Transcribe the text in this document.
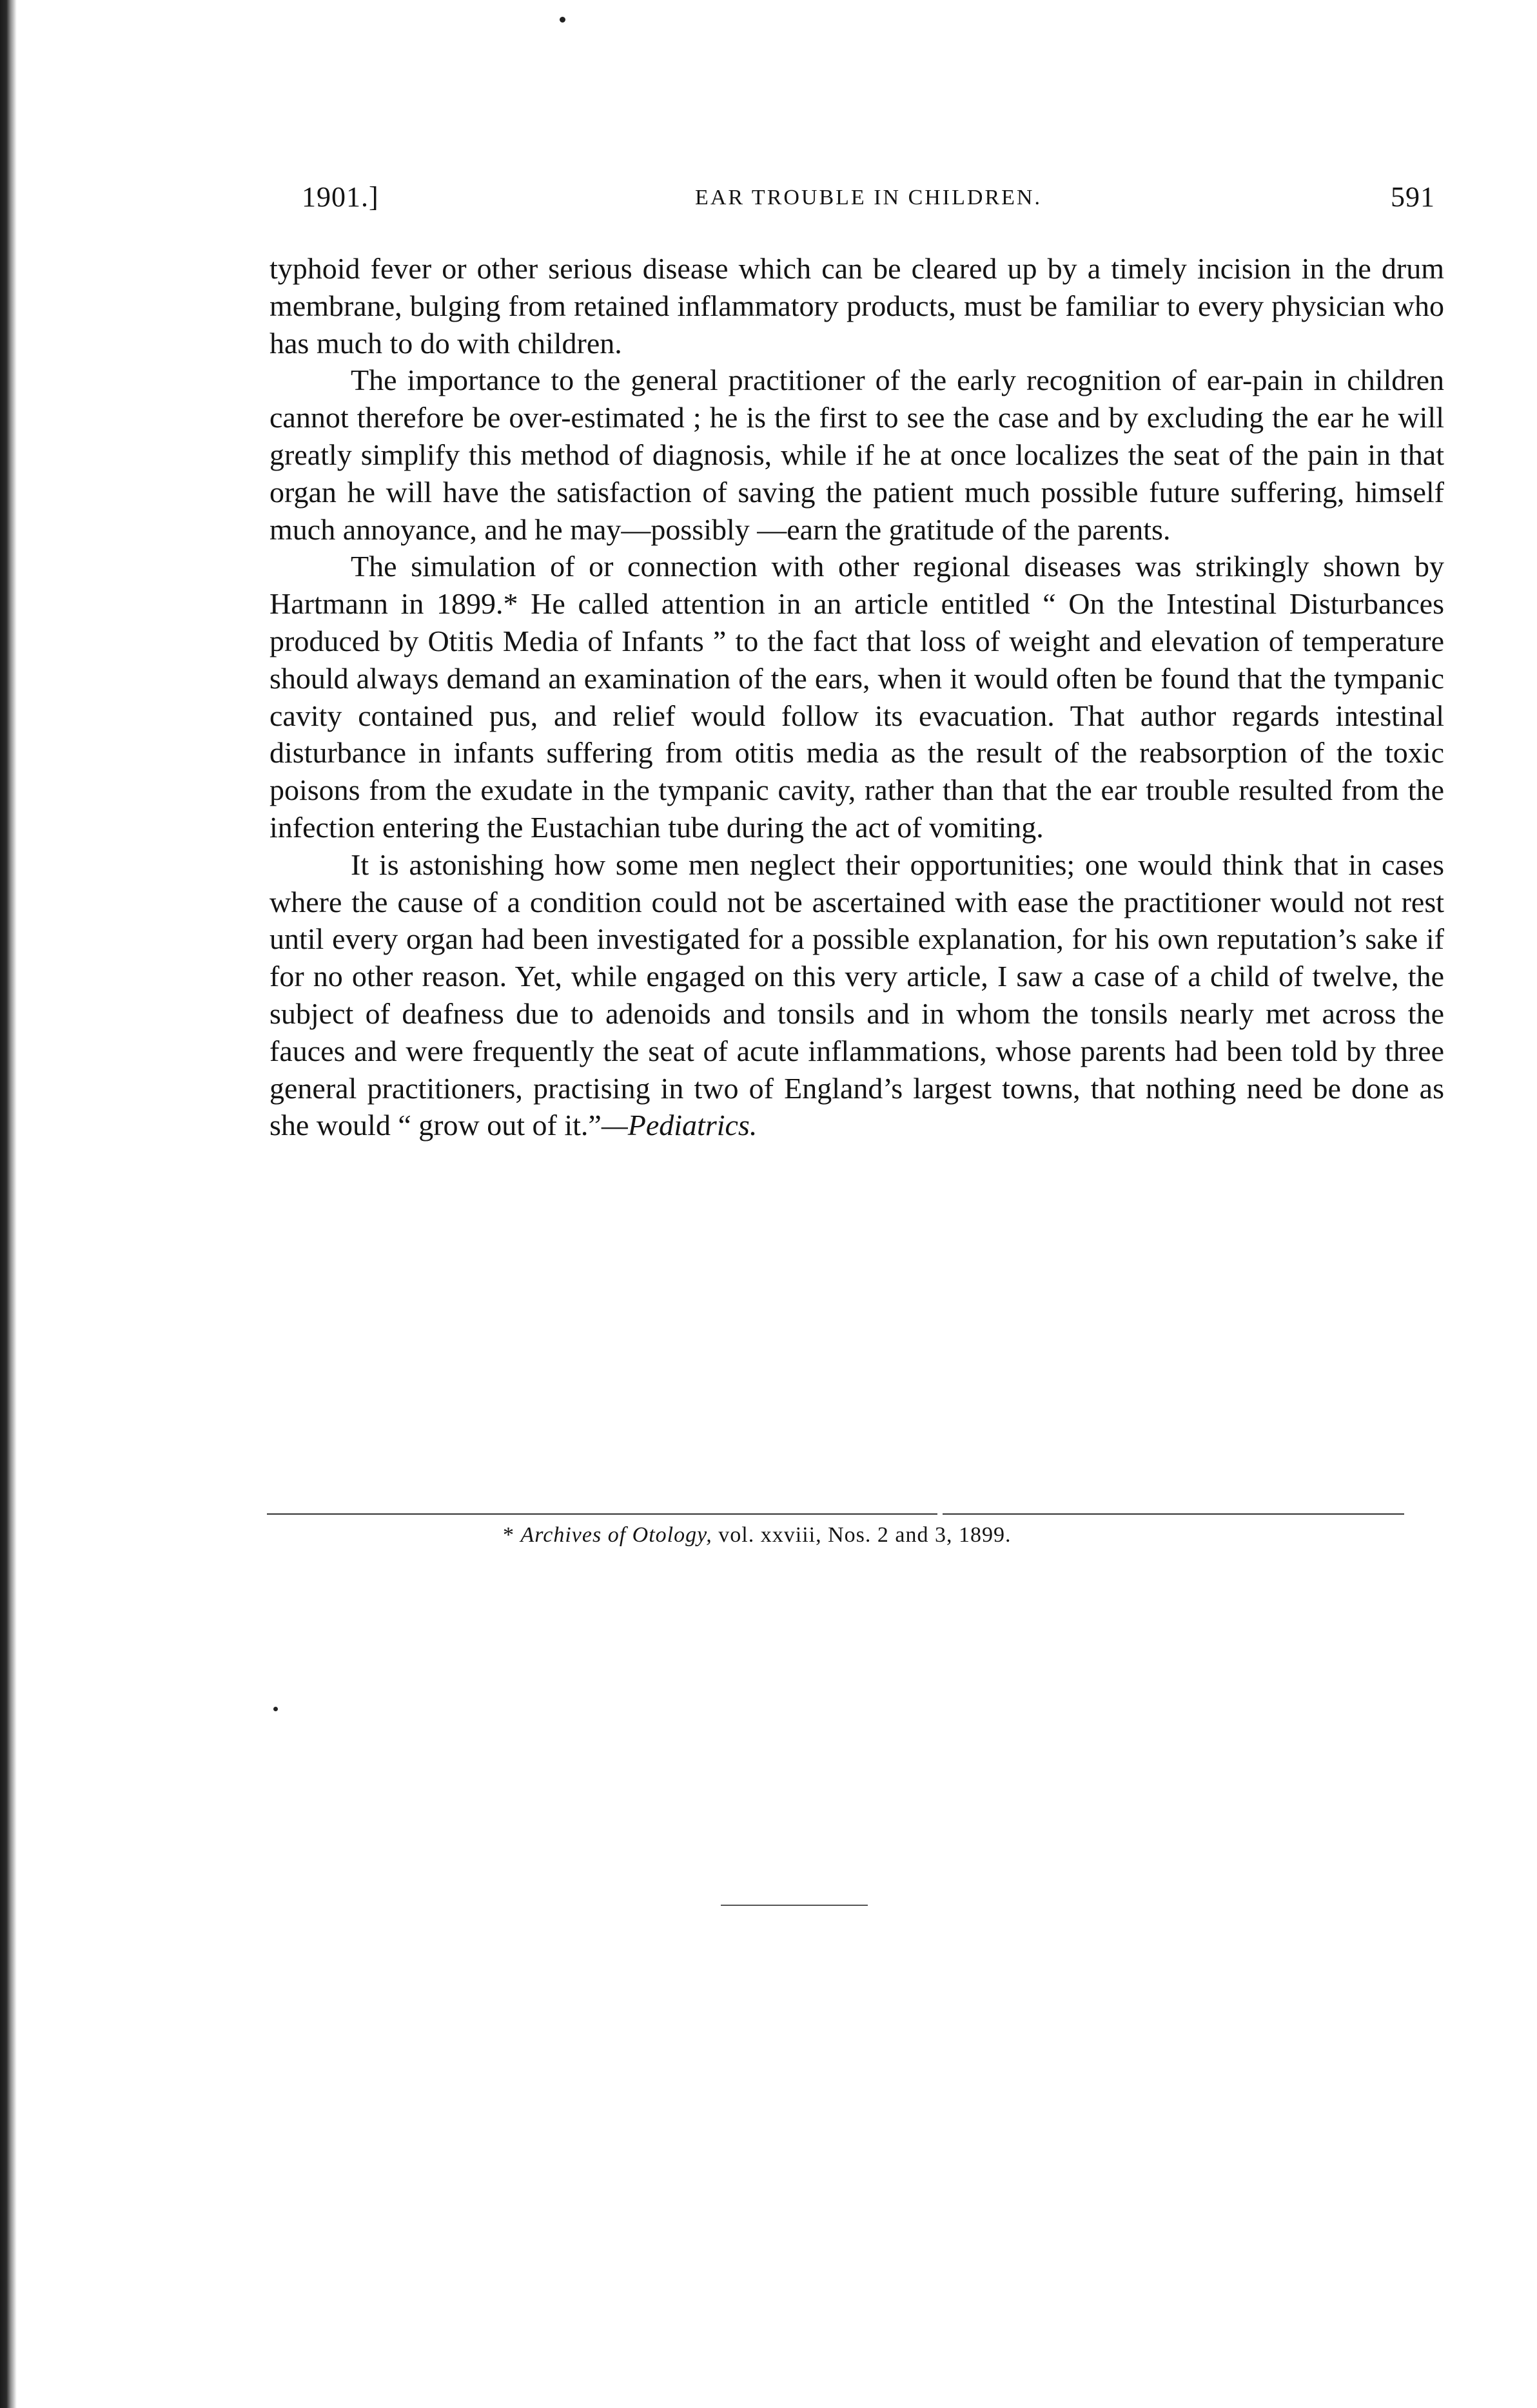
1901.]	EAR TROUBLE IN CHILDREN.	591

typhoid fever or other serious disease which can be cleared up by a timely incision in the drum membrane, bulging from retained inflammatory products, must be familiar to every physician who has much to do with children.

The importance to the general practitioner of the early recognition of ear-pain in children cannot therefore be over-estimated ; he is the first to see the case and by excluding the ear he will greatly simplify this method of diagnosis, while if he at once localizes the seat of the pain in that organ he will have the satisfaction of saving the patient much possible future suffering, himself much annoyance, and he may—possibly —earn the gratitude of the parents.

The simulation of or connection with other regional diseases was strikingly shown by Hartmann in 1899.* He called attention in an article entitled “ On the Intestinal Disturbances produced by Otitis Media of Infants ” to the fact that loss of weight and elevation of temperature should always demand an examination of the ears, when it would often be found that the tympanic cavity contained pus, and relief would follow its evacuation. That author regards intestinal disturbance in infants suffering from otitis media as the result of the reabsorption of the toxic poisons from the exudate in the tympanic cavity, rather than that the ear trouble resulted from the infection entering the Eustachian tube during the act of vomiting.

It is astonishing how some men neglect their opportunities; one would think that in cases where the cause of a condition could not be ascertained with ease the practitioner would not rest until every organ had been investigated for a possible explanation, for his own reputation’s sake if for no other reason. Yet, while engaged on this very article, I saw a case of a child of twelve, the subject of deafness due to adenoids and tonsils and in whom the tonsils nearly met across the fauces and were frequently the seat of acute inflammations, whose parents had been told by three general practitioners, practising in two of England’s largest towns, that nothing need be done as she would “ grow out of it.”—Pediatrics.

* Archives of Otology, vol. xxviii, Nos. 2 and 3, 1899.
